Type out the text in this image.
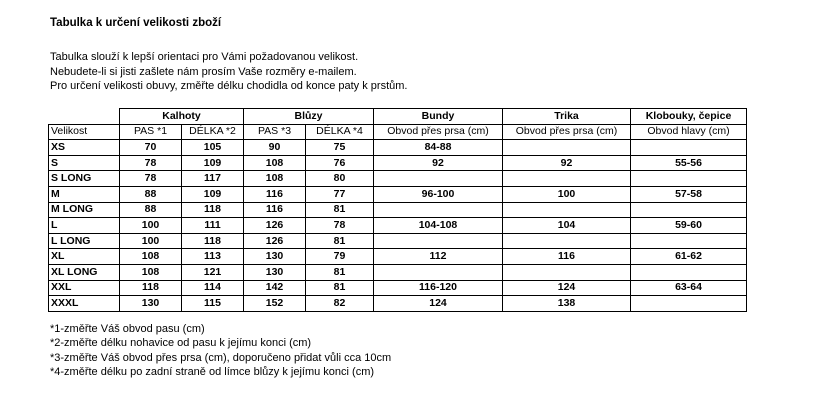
Tabulka k určení velikosti zboží
Tabulka slouží k lepší orientaci pro Vámi požadovanou velikost.
Nebudete-li si jisti zašlete nám prosím Vaše rozměry e-mailem.
Pro určení velikosti obuvy, změřte délku chodidla od konce paty k prstům.
	Kalhoty		Blůzy		Bundy	Trika	Klobouky, čepice
Velikost	PAS *1	DÉLKA *2	PAS *3	DÉLKA *4	Obvod přes prsa (cm)	Obvod přes prsa (cm)	Obvod hlavy (cm)
XS	70	105	90	75	84-88		
S	78	109	108	76	92	92	55-56
S LONG	78	117	108	80			
M	88	109	116	77	96-100	100	57-58
M LONG	88	118	116	81			
L	100	111	126	78	104-108	104	59-60
L LONG	100	118	126	81			
XL	108	113	130	79	112	116	61-62
XL LONG	108	121	130	81			
XXL	118	114	142	81	116-120	124	63-64
XXXL	130	115	152	82	124	138	
*1-změřte Váš obvod pasu (cm)
*2-změřte délku nohavice od pasu k jejímu konci (cm)
*3-změřte Váš obvod přes prsa (cm), doporučeno přidat vůli cca 10cm
*4-změřte délku po zadní straně od límce blůzy k jejímu konci (cm)
